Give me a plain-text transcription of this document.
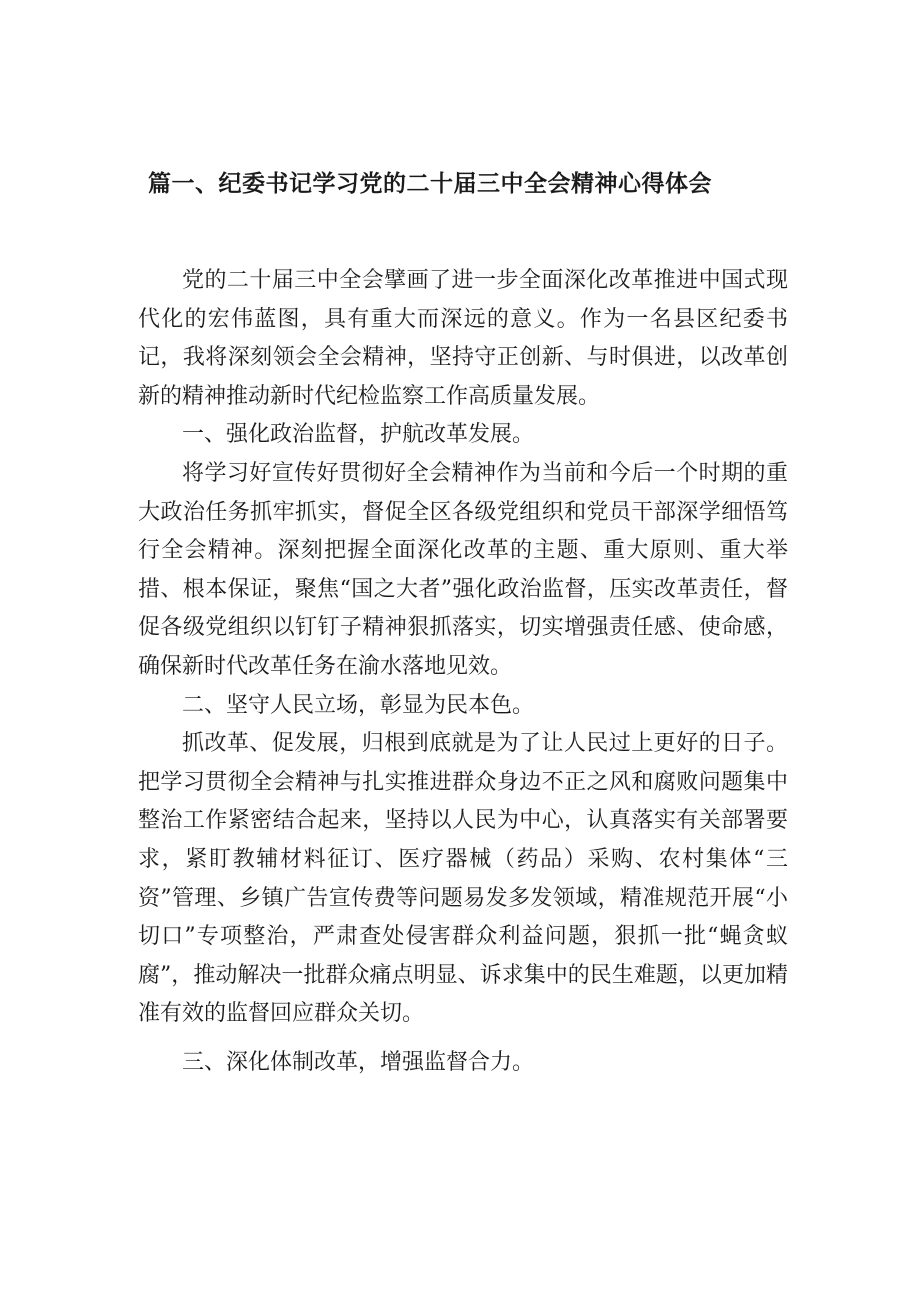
篇一、纪委书记学习党的二十届三中全会精神心得体会

党的二十届三中全会擘画了进一步全面深化改革推进中国式现代化的宏伟蓝图，具有重大而深远的意义。作为一名县区纪委书记，我将深刻领会全会精神，坚持守正创新、与时俱进，以改革创新的精神推动新时代纪检监察工作高质量发展。

一、强化政治监督，护航改革发展。

将学习好宣传好贯彻好全会精神作为当前和今后一个时期的重大政治任务抓牢抓实，督促全区各级党组织和党员干部深学细悟笃行全会精神。深刻把握全面深化改革的主题、重大原则、重大举措、根本保证，聚焦“国之大者”强化政治监督，压实改革责任，督促各级党组织以钉钉子精神狠抓落实，切实增强责任感、使命感，确保新时代改革任务在渝水落地见效。

二、坚守人民立场，彰显为民本色。

抓改革、促发展，归根到底就是为了让人民过上更好的日子。把学习贯彻全会精神与扎实推进群众身边不正之风和腐败问题集中整治工作紧密结合起来，坚持以人民为中心，认真落实有关部署要求，紧盯教辅材料征订、医疗器械（药品）采购、农村集体“三资”管理、乡镇广告宣传费等问题易发多发领域，精准规范开展“小切口”专项整治，严肃查处侵害群众利益问题，狠抓一批“蝇贪蚁腐”，推动解决一批群众痛点明显、诉求集中的民生难题，以更加精准有效的监督回应群众关切。

三、深化体制改革，增强监督合力。
